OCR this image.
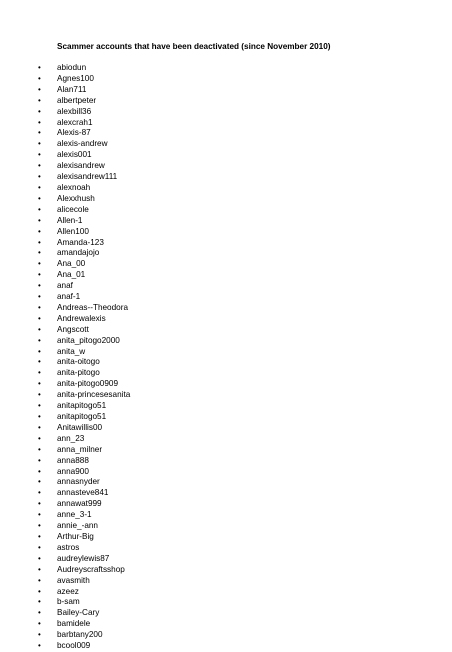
Scammer accounts that have been deactivated (since November 2010)
• abiodun
• Agnes100
• Alan711
• albertpeter
• alexbill36
• alexcrah1
• Alexis-87
• alexis-andrew
• alexis001
• alexisandrew
• alexisandrew111
• alexnoah
• Alexxhush
• alicecole
• Allen-1
• Allen100
• Amanda-123
• amandajojo
• Ana_00
• Ana_01
• anaf
• anaf-1
• Andreas--Theodora
• Andrewalexis
• Angscott
• anita_pitogo2000
• anita_w
• anita-oitogo
• anita-pitogo
• anita-pitogo0909
• anita-princesesanita
• anitapitogo51
• anitapitogo51
• Anitawillis00
• ann_23
• anna_milner
• anna888
• anna900
• annasnyder
• annasteve841
• annawat999
• anne_3-1
• annie_-ann
• Arthur-Big
• astros
• audreylewis87
• Audreyscraftsshop
• avasmith
• azeez
• b-sam
• Bailey-Cary
• bamidele
• barbtany200
• bcool009
